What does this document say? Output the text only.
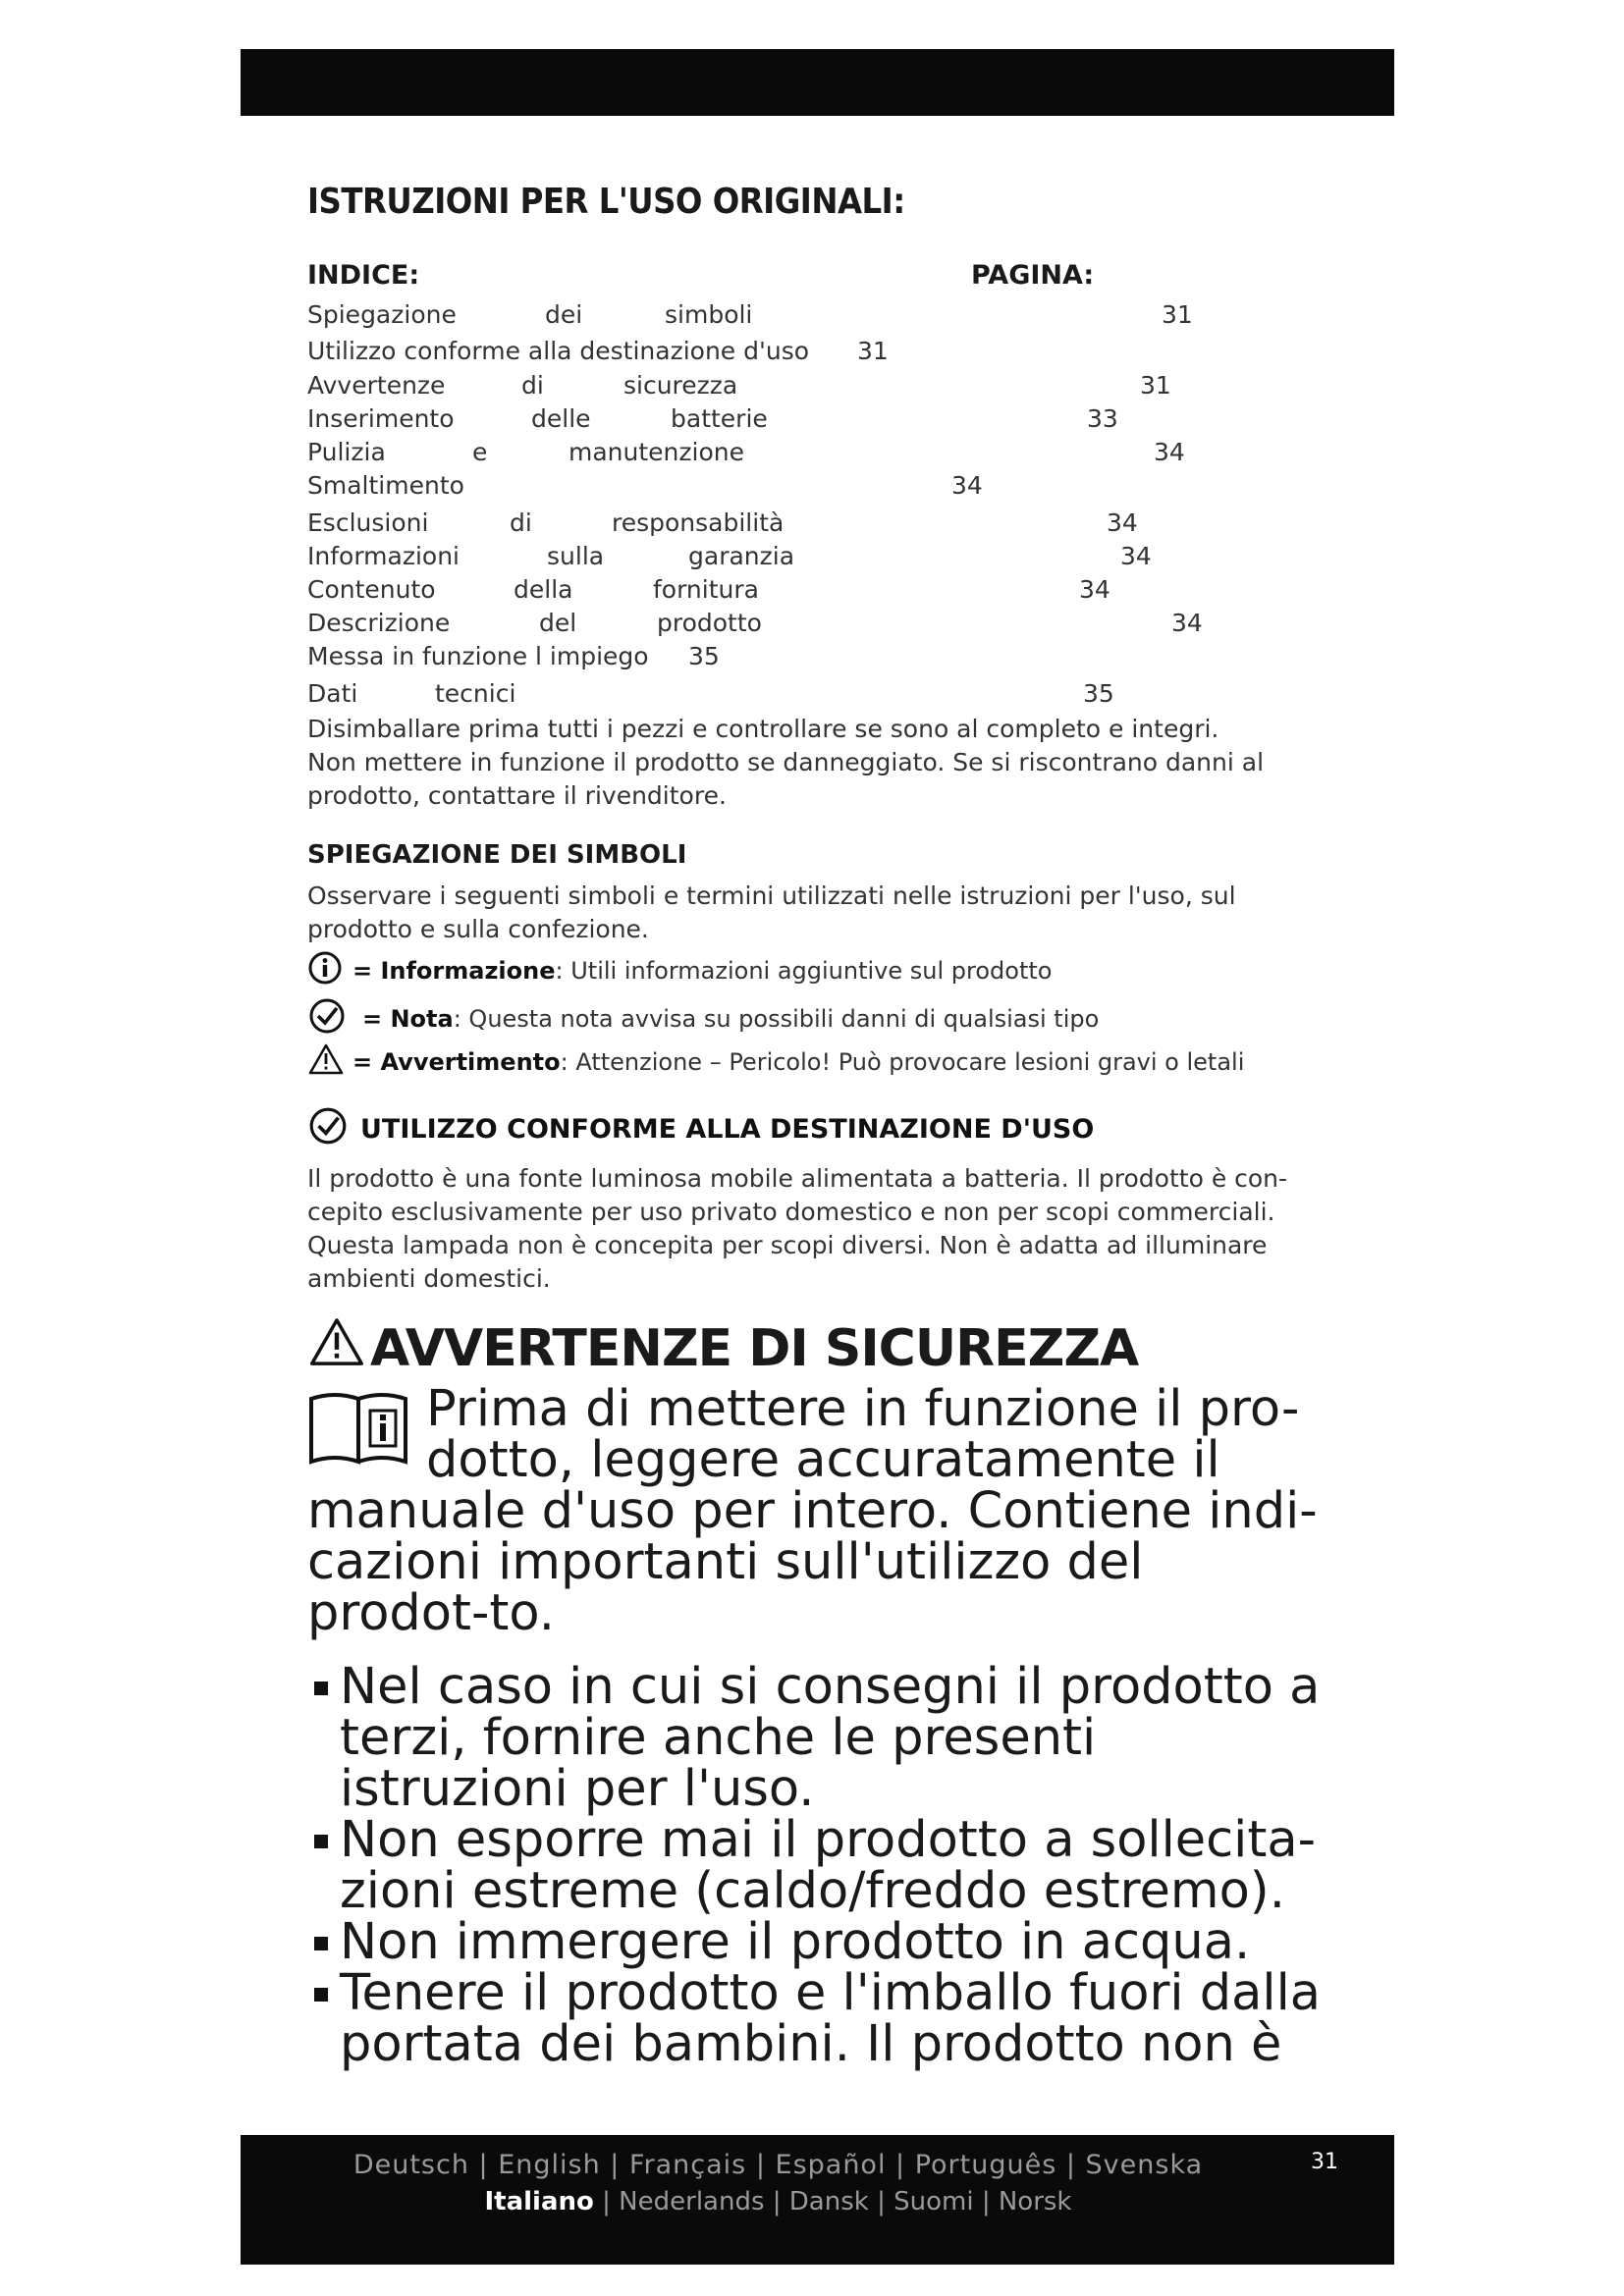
ISTRUZIONI PER L'USO ORIGINALI:
INDICE:	PAGINA:
Spiegazione	dei	simboli	31
Utilizzo conforme alla destinazione d'uso 31
Avvertenze	di	sicurezza	31
Inserimento	delle	batterie	33
Pulizia	e	manutenzione	34
Smaltimento	34
Esclusioni	di	responsabilità	34
Informazioni	sulla	garanzia	34
Contenuto	della	fornitura	34
Descrizione	del	prodotto	34
Messa in funzione l impiego 35
Dati	tecnici	35
Disimballare prima tutti i pezzi e controllare se sono al completo e integri.
Non mettere in funzione il prodotto se danneggiato. Se si riscontrano danni al prodotto, contattare il rivenditore.
SPIEGAZIONE DEI SIMBOLI
Osservare i seguenti simboli e termini utilizzati nelle istruzioni per l'uso, sul prodotto e sulla confezione.
= Informazione: Utili informazioni aggiuntive sul prodotto
= Nota: Questa nota avvisa su possibili danni di qualsiasi tipo
= Avvertimento: Attenzione – Pericolo! Può provocare lesioni gravi o letali
UTILIZZO CONFORME ALLA DESTINAZIONE D'USO
Il prodotto è una fonte luminosa mobile alimentata a batteria. Il prodotto è con-cepito esclusivamente per uso privato domestico e non per scopi commerciali. Questa lampada non è concepita per scopi diversi. Non è adatta ad illuminare ambienti domestici.
AVVERTENZE DI SICUREZZA
Prima di mettere in funzione il pro-
dotto, leggere accuratamente il
manuale d'uso per intero. Contiene indi-cazioni importanti sull'utilizzo del prodot-to.
Nel caso in cui si consegni il prodotto a terzi, fornire anche le presenti istruzioni per l'uso.
Non esporre mai il prodotto a sollecita-zioni estreme (caldo/freddo estremo).
Non immergere il prodotto in acqua.
Tenere il prodotto e l'imballo fuori dalla portata dei bambini. Il prodotto non è
Deutsch | English | Français | Español | Português | Svenska
Italiano | Nederlands | Dansk | Suomi | Norsk
31
